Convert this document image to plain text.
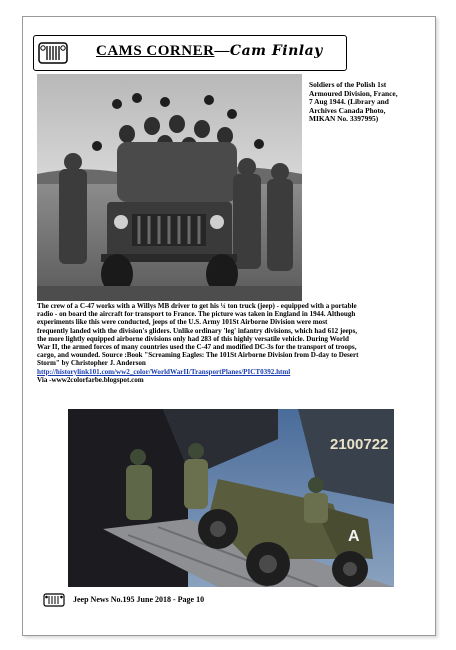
CAMS CORNER—Cam Finlay
Soldiers of the Polish 1st
Armoured Division, France,
7 Aug 1944. (Library and
Archives Canada Photo,
MIKAN No. 3397995)
The crew of a C-47 works with a Willys MB driver to get his ¼ ton truck (jeep) - equipped with a portable
radio - on board the aircraft for transport to France. The picture was taken in England in 1944. Although
experiments like this were conducted, jeeps of the U.S. Army 101St Airborne Division were most
frequently landed with the division's gliders. Unlike ordinary 'leg' infantry divisions, which had 612 jeeps,
the more lightly equipped airborne divisions only had 283 of this highly versatile vehicle. During World
War II, the armed forces of many countries used the C-47 and modified DC-3s for the transport of troops,
cargo, and wounded. Source :Book "Screaming Eagles: The 101St Airborne Division from D-day to Desert
Storm" by Christopher J. Anderson
http://historylink101.com/ww2_color/WorldWarII/TransportPlanes/PICT0392.html
Via -www2colorfarbe.blogspot.com
2100722
A
Jeep News No.195 June 2018 - Page 10
